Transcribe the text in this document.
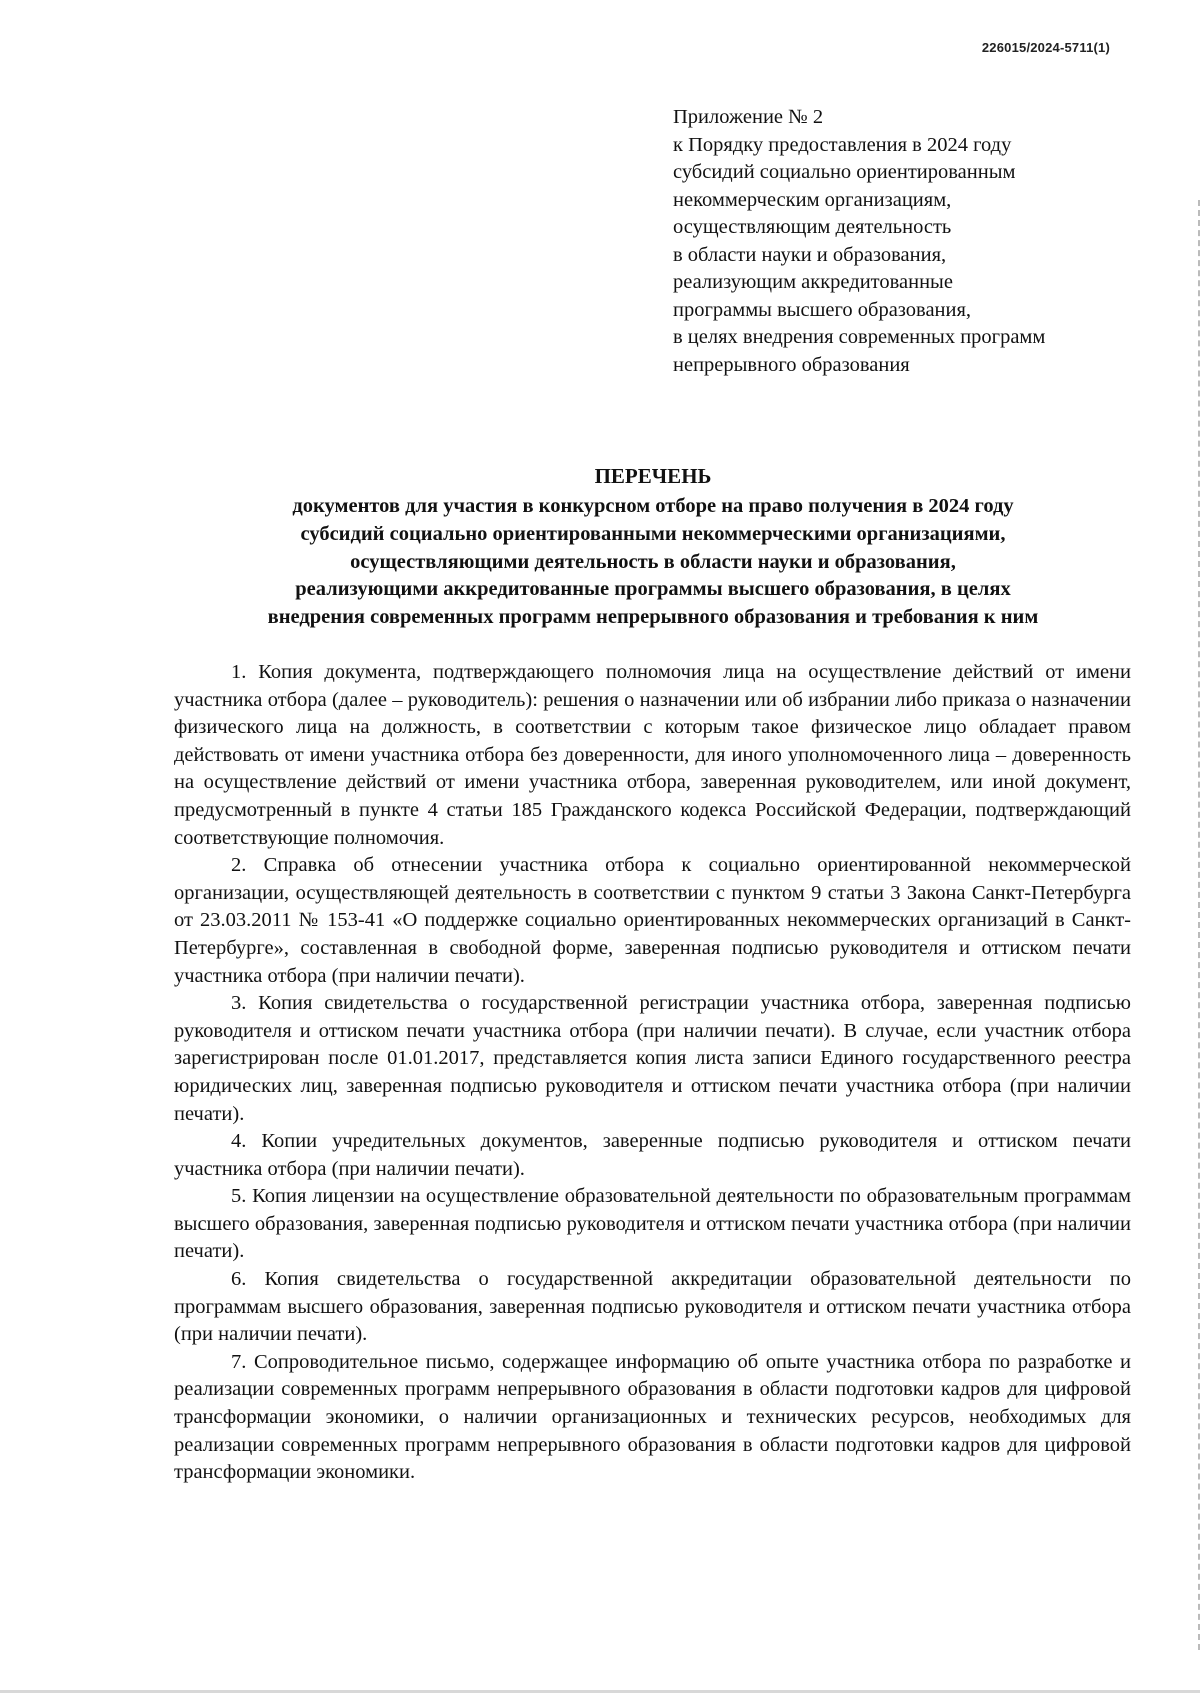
226015/2024-5711(1)
Приложение № 2
к Порядку предоставления в 2024 году
субсидий социально ориентированным
некоммерческим организациям,
осуществляющим деятельность
в области науки и образования,
реализующим аккредитованные
программы высшего образования,
в целях внедрения современных программ
непрерывного образования
ПЕРЕЧЕНЬ
документов для участия в конкурсном отборе на право получения в 2024 году
субсидий социально ориентированными некоммерческими организациями,
осуществляющими деятельность в области науки и образования,
реализующими аккредитованные программы высшего образования, в целях
внедрения современных программ непрерывного образования и требования к ним

1. Копия документа, подтверждающего полномочия лица на осуществление действий от имени участника отбора (далее – руководитель): решения о назначении или об избрании либо приказа о назначении физического лица на должность, в соответствии с которым такое физическое лицо обладает правом действовать от имени участника отбора без доверенности, для иного уполномоченного лица – доверенность на осуществление действий от имени участника отбора, заверенная руководителем, или иной документ, предусмотренный в пункте 4 статьи 185 Гражданского кодекса Российской Федерации, подтверждающий соответствующие полномочия.

2. Справка об отнесении участника отбора к социально ориентированной некоммерческой организации, осуществляющей деятельность в соответствии с пунктом 9 статьи 3 Закона Санкт-Петербурга от 23.03.2011 № 153-41 «О поддержке социально ориентированных некоммерческих организаций в Санкт-Петербурге», составленная в свободной форме, заверенная подписью руководителя и оттиском печати участника отбора (при наличии печати).

3. Копия свидетельства о государственной регистрации участника отбора, заверенная подписью руководителя и оттиском печати участника отбора (при наличии печати). В случае, если участник отбора зарегистрирован после 01.01.2017, представляется копия листа записи Единого государственного реестра юридических лиц, заверенная подписью руководителя и оттиском печати участника отбора (при наличии печати).

4. Копии учредительных документов, заверенные подписью руководителя и оттиском печати участника отбора (при наличии печати).

5. Копия лицензии на осуществление образовательной деятельности по образовательным программам высшего образования, заверенная подписью руководителя и оттиском печати участника отбора (при наличии печати).

6. Копия свидетельства о государственной аккредитации образовательной деятельности по программам высшего образования, заверенная подписью руководителя и оттиском печати участника отбора (при наличии печати).

7. Сопроводительное письмо, содержащее информацию об опыте участника отбора по разработке и реализации современных программ непрерывного образования в области подготовки кадров для цифровой трансформации экономики, о наличии организационных и технических ресурсов, необходимых для реализации современных программ непрерывного образования в области подготовки кадров для цифровой трансформации экономики.
